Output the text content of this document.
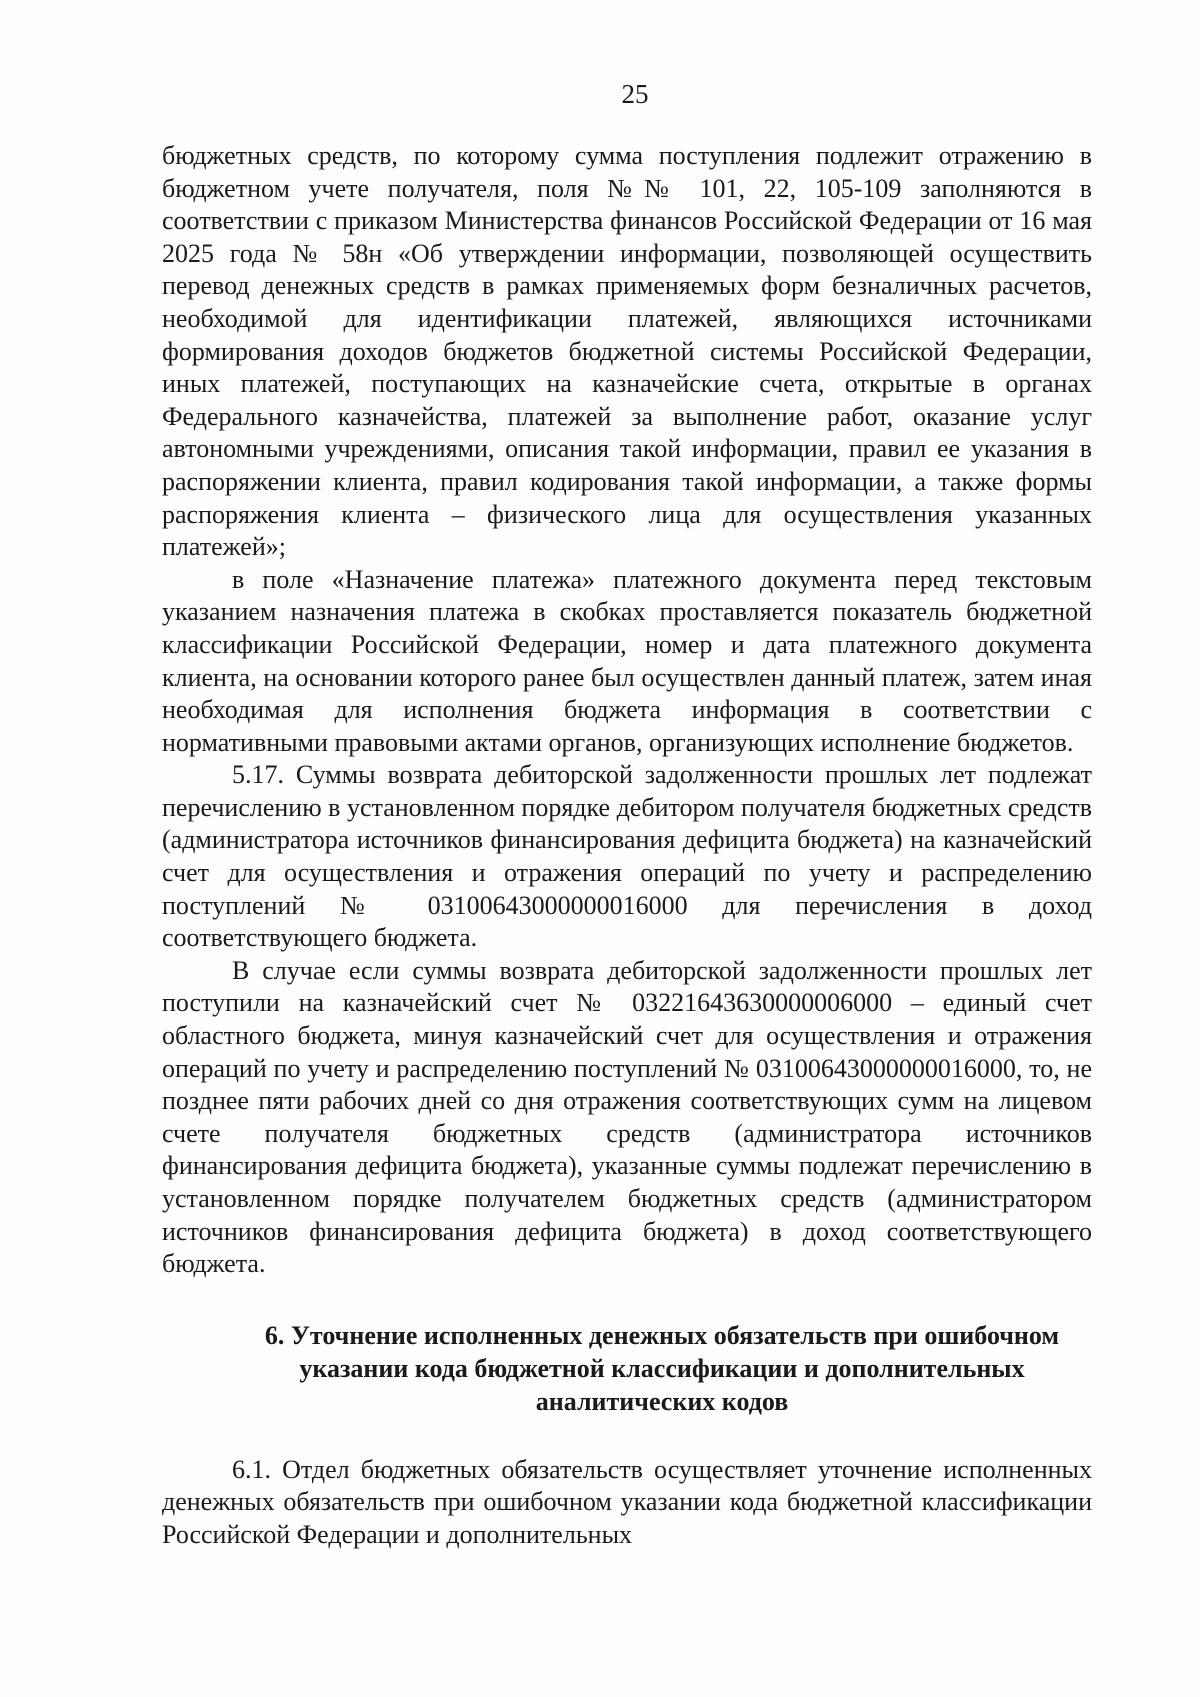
25

бюджетных средств, по которому сумма поступления подлежит отражению в бюджетном учете получателя, поля №№ 101, 22, 105-109 заполняются в соответствии с приказом Министерства финансов Российской Федерации от 16 мая 2025 года № 58н «Об утверждении информации, позволяющей осуществить перевод денежных средств в рамках применяемых форм безналичных расчетов, необходимой для идентификации платежей, являющихся источниками формирования доходов бюджетов бюджетной системы Российской Федерации, иных платежей, поступающих на казначейские счета, открытые в органах Федерального казначейства, платежей за выполнение работ, оказание услуг автономными учреждениями, описания такой информации, правил ее указания в распоряжении клиента, правил кодирования такой информации, а также формы распоряжения клиента – физического лица для осуществления указанных платежей»;

в поле «Назначение платежа» платежного документа перед текстовым указанием назначения платежа в скобках проставляется показатель бюджетной классификации Российской Федерации, номер и дата платежного документа клиента, на основании которого ранее был осуществлен данный платеж, затем иная необходимая для исполнения бюджета информация в соответствии с нормативными правовыми актами органов, организующих исполнение бюджетов.

5.17. Суммы возврата дебиторской задолженности прошлых лет подлежат перечислению в установленном порядке дебитором получателя бюджетных средств (администратора источников финансирования дефицита бюджета) на казначейский счет для осуществления и отражения операций по учету и распределению поступлений № 03100643000000016000 для перечисления в доход соответствующего бюджета.

В случае если суммы возврата дебиторской задолженности прошлых лет поступили на казначейский счет № 03221643630000006000 – единый счет областного бюджета, минуя казначейский счет для осуществления и отражения операций по учету и распределению поступлений № 03100643000000016000, то, не позднее пяти рабочих дней со дня отражения соответствующих сумм на лицевом счете получателя бюджетных средств (администратора источников финансирования дефицита бюджета), указанные суммы подлежат перечислению в установленном порядке получателем бюджетных средств (администратором источников финансирования дефицита бюджета) в доход соответствующего бюджета.

6. Уточнение исполненных денежных обязательств при ошибочном
указании кода бюджетной классификации и дополнительных
аналитических кодов

6.1. Отдел бюджетных обязательств осуществляет уточнение исполненных денежных обязательств при ошибочном указании кода бюджетной классификации Российской Федерации и дополнительных
